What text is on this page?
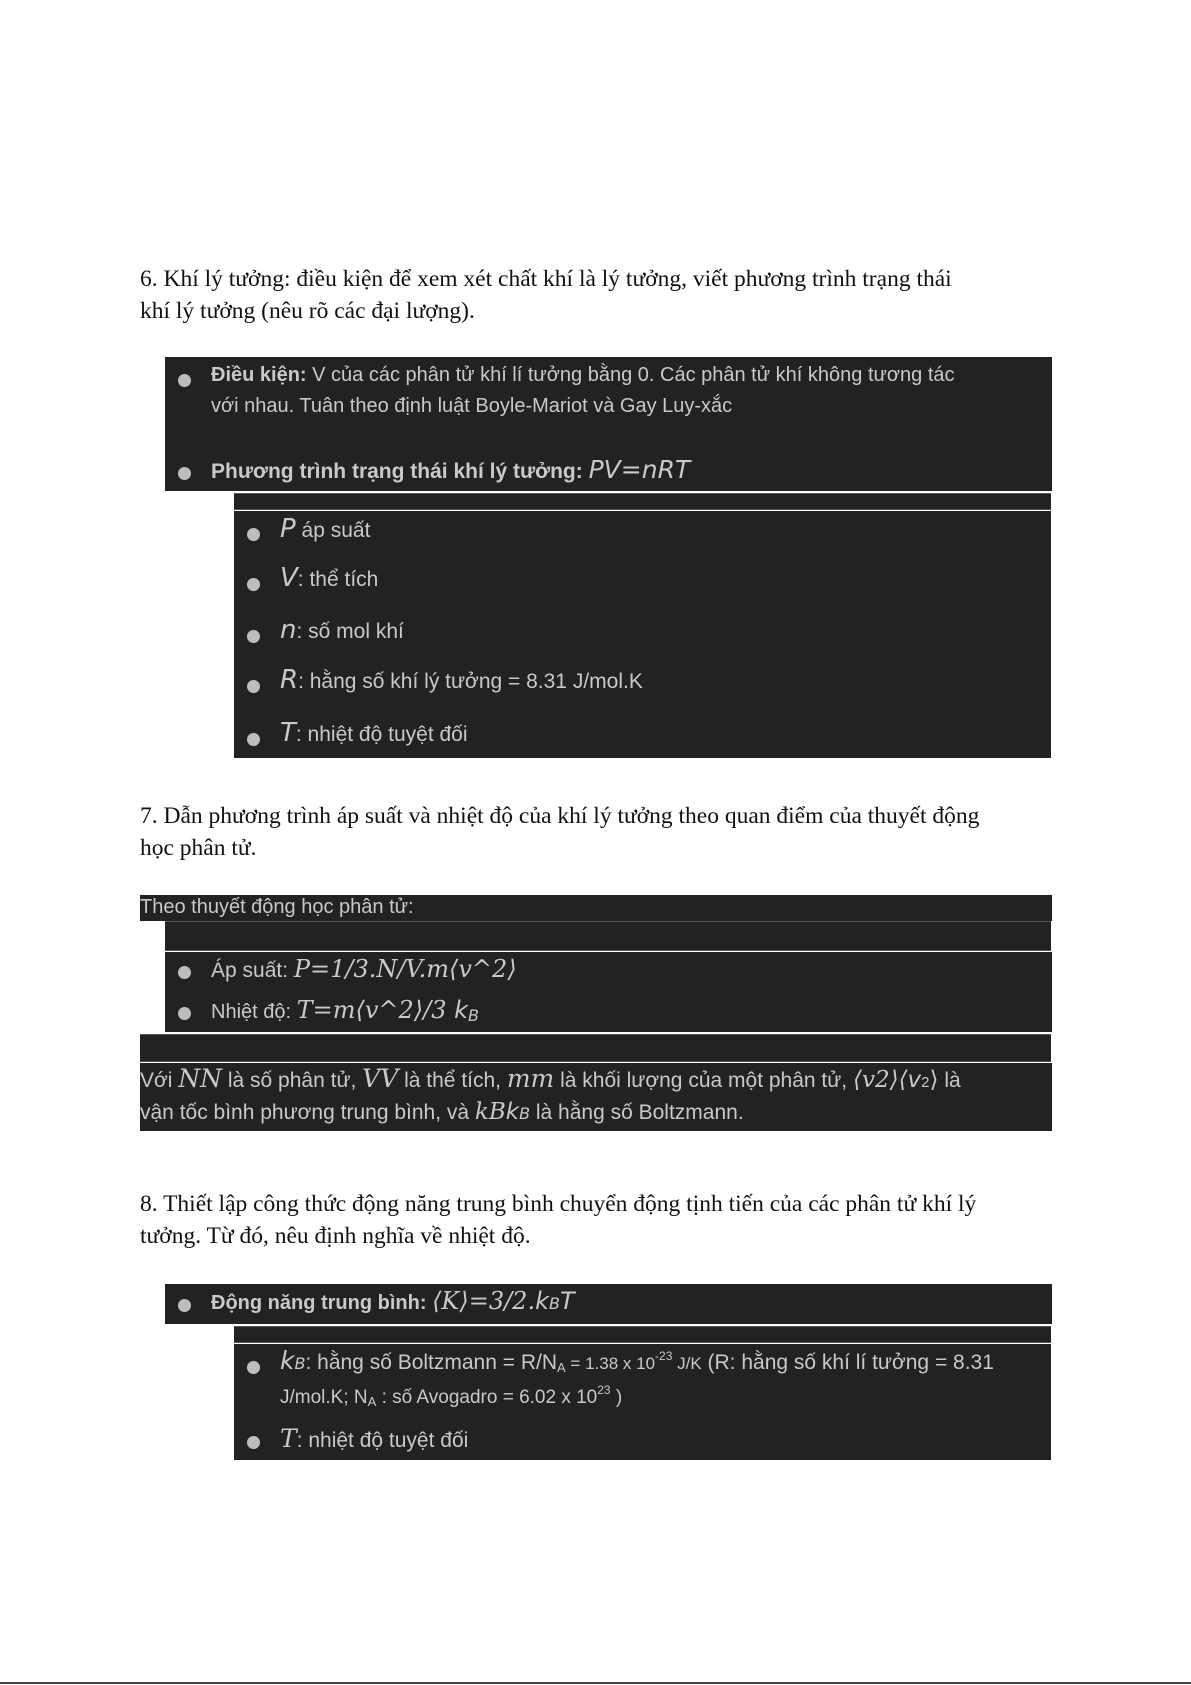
6. Khí lý tưởng: điều kiện để xem xét chất khí là lý tưởng, viết phương trình trạng thái

khí lý tưởng (nêu rõ các đại lượng).

Điều kiện: V của các phân tử khí lí tưởng bằng 0. Các phân tử khí không tương tác
với nhau. Tuân theo định luật Boyle-Mariot và Gay Luy-xắc
Phương trình trạng thái khí lý tưởng: PV=nRT
P áp suất
V: thể tích
n: số mol khí
R: hằng số khí lý tưởng = 8.31 J/mol.K
T: nhiệt độ tuyệt đối

7. Dẫn phương trình áp suất và nhiệt độ của khí lý tưởng theo quan điểm của thuyết động

học phân tử.

Theo thuyết động học phân tử:
Áp suất: P=1/3.N/V.m⟨v^2⟩
Nhiệt độ: T=m⟨v^2⟩/3 kB
Với NN là số phân tử, VV là thể tích, mm là khối lượng của một phân tử, ⟨v2⟩⟨v2⟩ là
vận tốc bình phương trung bình, và kBkB là hằng số Boltzmann.

8. Thiết lập công thức động năng trung bình chuyển động tịnh tiến của các phân tử khí lý

tưởng. Từ đó, nêu định nghĩa về nhiệt độ.

Động năng trung bình: ⟨K⟩=3/2.kBT
kB: hằng số Boltzmann = $R/N_A = 1.38$ x $10^{-23}$ J/K (R: hằng số khí lí tưởng = 8.31
J/mol.K; $N_A$ : số Avogadro = 6.02 x $10^{23}$ )
T: nhiệt độ tuyệt đối
